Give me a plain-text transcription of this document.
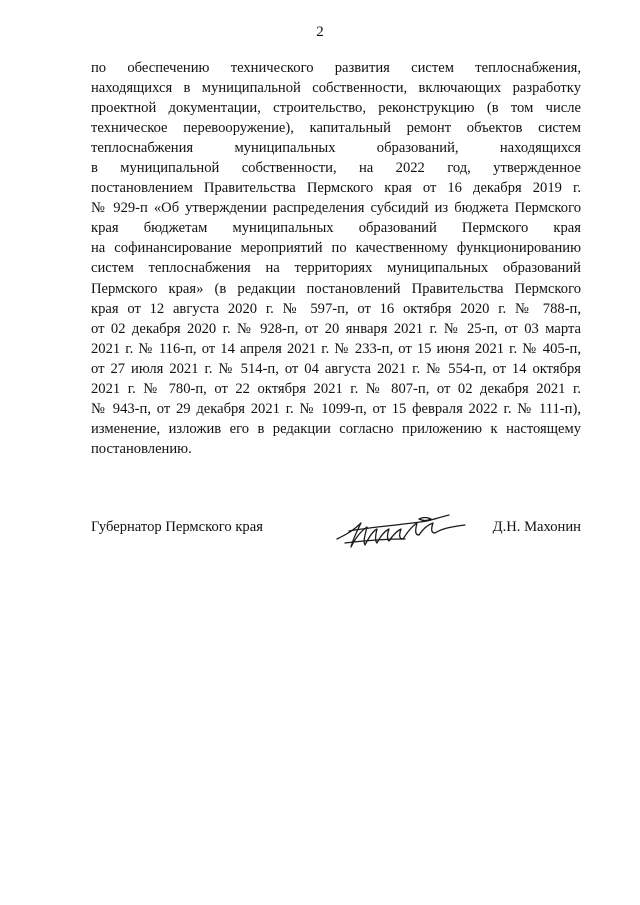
2
по обеспечению технического развития систем теплоснабжения,
находящихся в муниципальной собственности, включающих разработку
проектной документации, строительство, реконструкцию (в том числе
техническое перевооружение), капитальный ремонт объектов систем
теплоснабжения муниципальных образований, находящихся
в муниципальной собственности, на 2022 год, утвержденное
постановлением Правительства Пермского края от 16 декабря 2019 г.
№ 929-п «Об утверждении распределения субсидий из бюджета Пермского
края бюджетам муниципальных образований Пермского края
на софинансирование мероприятий по качественному функционированию
систем теплоснабжения на территориях муниципальных образований
Пермского края» (в редакции постановлений Правительства Пермского
края от 12 августа 2020 г. № 597-п, от 16 октября 2020 г. № 788-п,
от 02 декабря 2020 г. № 928-п, от 20 января 2021 г. № 25-п, от 03 марта
2021 г. № 116-п, от 14 апреля 2021 г. № 233-п, от 15 июня 2021 г. № 405-п,
от 27 июля 2021 г. № 514-п, от 04 августа 2021 г. № 554-п, от 14 октября
2021 г. № 780-п, от 22 октября 2021 г. № 807-п, от 02 декабря 2021 г.
№ 943-п, от 29 декабря 2021 г. № 1099-п, от 15 февраля 2022 г. № 111-п),
изменение, изложив его в редакции согласно приложению к настоящему
постановлению.
Губернатор Пермского края	Д.Н. Махонин
